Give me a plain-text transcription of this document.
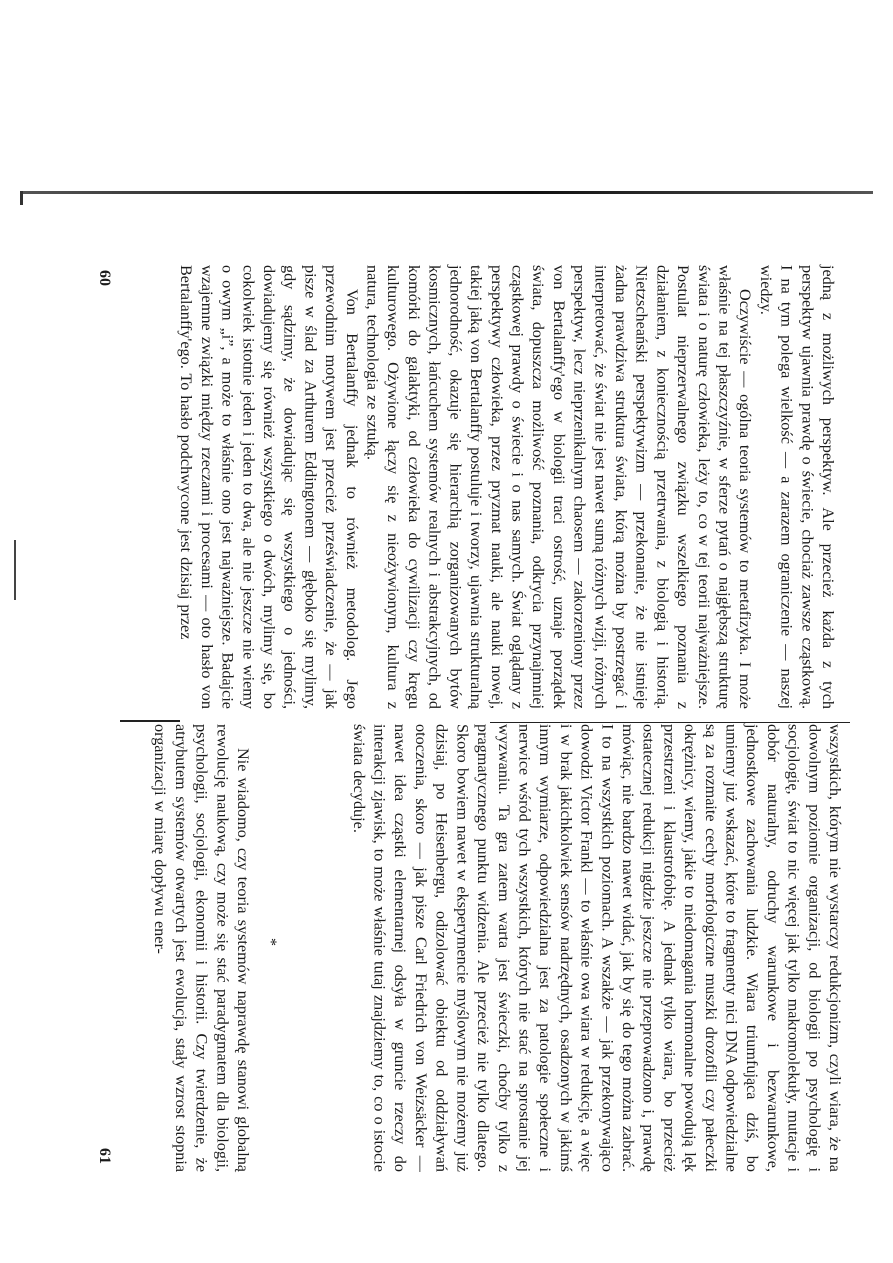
60
61

jedną z możliwych perspektyw. Ale przecież każda z tych perspektyw ujawnia prawdę o świecie, chociaż zawsze cząstkową. I na tym polega wielkość — a zarazem ograniczenie — naszej wiedzy.

Oczywiście — ogólna teoria systemów to metafizyka. I może właśnie na tej płaszczyźnie, w sferze pytań o najgłębszą strukturę świata i o naturę człowieka, leży to, co w tej teorii najważniejsze. Postulat nieprzerwalnego związku wszelkiego poznania z działaniem, z koniecznością przetrwania, z biologią i historią. Nietzscheański perspektywizm — przekonanie, że nie istnieje żadna prawdziwa struktura świata, którą można by postrzegać i interpretować, że świat nie jest nawet sumą różnych wizji, różnych perspektyw, lecz nieprzenikalnym chaosem — zakorzeniony przez von Bertalanffy'ego w biologii traci ostrość, uznaje porządek świata, dopuszcza możliwość poznania, odkrycia przynajmniej cząstkowej prawdy o świecie i o nas samych. Świat oglądany z perspektywy człowieka, przez pryzmat nauki, ale nauki nowej, takiej jaką von Bertalanffy postuluje i tworzy, ujawnia strukturalną jednorodność, okazuje się hierarchią zorganizowanych bytów kosmicznych, łańcuchem systemów realnych i abstrakcyjnych, od komórki do galaktyki, od człowieka do cywilizacji czy kręgu kulturowego. Ożywione łączy się z nieożywionym, kultura z natura, technologia ze sztuką.

Von Bertalanffy jednak to również metodolog. Jego przewodnim motywem jest przecież przeświadczenie, że — jak pisze w ślad za Arthurem Eddingtonem — głęboko się mylimy, gdy sądzimy, że dowiadując się wszystkiego o jedności, dowiadujemy się również wszystkiego o dwóch, mylimy się, bo cokolwiek istotnie jeden i jeden to dwa, ale nie jeszcze nie wiemy o owym „i”, a może to właśnie ono jest najważniejsze. Badajcie wzajemne związki między rzeczami i procesami — oto hasło von Bertalanffy'ego. To hasło podchwycone jest dzisiaj przez

wszystkich, którym nie wystarczy redukcjonizm, czyli wiara, że na dowolnym poziomie organizacji, od biologii po psychologię i socjologię, świat to nic więcej jak tylko makromolekuły, mutacje i dobór naturalny, odruchy warunkowe i bezwarunkowe, jednostkowe zachowania ludzkie. Wiara triumfująca dziś, bo umiemy już wskazać, które to fragmenty nici DNA odpowiedzialne są za rozmaite cechy morfologiczne muszki drozofili czy pałeczki okrężnicy, wiemy, jakie to niedomagania hormonalne powodują lęk przestrzeni i klaustrofobię. A jednak tylko wiara, bo przecież ostatecznej redukcji nigdzie jeszcze nie przeprowadzono i, prawdę mówiąc, nie bardzo nawet widać, jak by się do tego można zabrać. I to na wszystkich poziomach. A wszakże — jak przekonywająco dowodzi Victor Frankl — to właśnie owa wiara w redukcję, a więc i w brak jakichkolwiek sensów nadrzędnych, osadzonych w jakimś innym wymiarze, odpowiedzialna jest za patologie społeczne i nerwice wśród tych wszystkich, których nie stać na sprostanie jej wyzwaniu. Ta gra zatem warta jest świeczki, choćby tylko z pragmatycznego punktu widzenia. Ale przecież nie tylko dlatego. Skoro bowiem nawet w eksperymencie myślowym nie możemy już dzisiaj, po Heisenbergu, odizolować obiektu od oddziaływań otoczenia, skoro — jak pisze Carl Friedrich von Weizsäcker — nawet idea cząstki elementarnej odsyła w gruncie rzeczy do interakcji zjawisk, to może właśnie tutaj znajdziemy to, co o istocie świata decyduje.

*

Nie wiadomo, czy teoria systemów naprawdę stanowi globalną rewolucję naukową, czy może się stać paradygmatem dla biologii, psychologii, socjologii, ekonomii i historii. Czy twierdzenie, że atrybutem systemów otwartych jest ewolucja, stały wzrost stopnia organizacji w miarę dopływu ener-
